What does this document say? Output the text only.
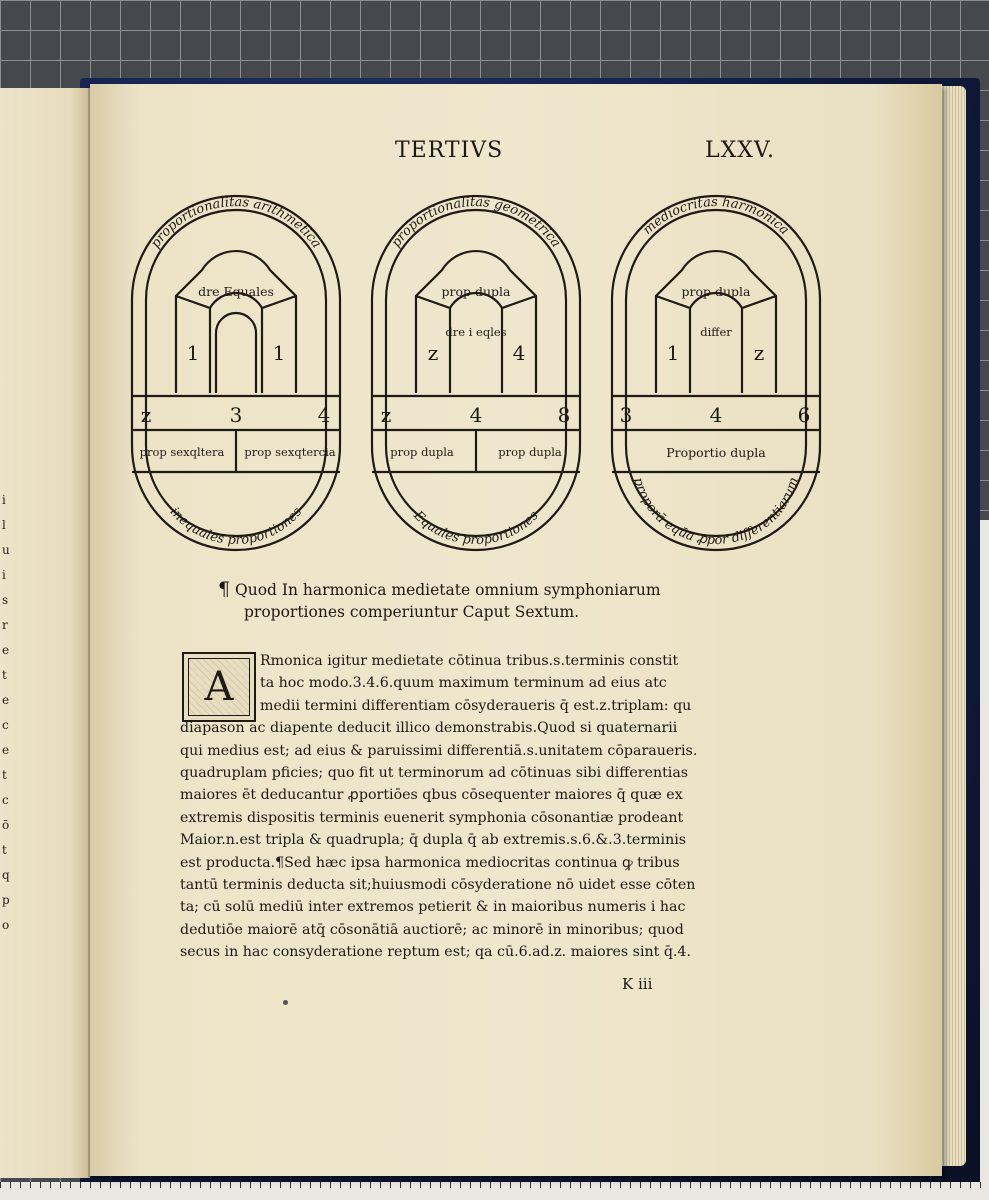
i
l
u
i
s
r
e
t
e
c
e
t
c
ō
t
q
p
o
TERTIVS	LXXV.
proportionalitas arithmetica
inequales proportiones
dre Equales
1	1
z	3	4
prop sexqltera prop sexqtercia
proportionalitas geometrica
Equales proportiones
prop dupla
dre i eqles
z	4
z	4	8
prop dupla	prop dupla
mediocritas harmonica
proporā eqūa ꝓpor differentiarum
prop dupla
differ
1	z
3	4	6
Proportio dupla
¶ Quod In harmonica medietate omnium symphoniarum
proportiones comperiuntur Caput Sextum.
A
Rmonica igitur medietate cōtinua tribus.s.terminis constit
ta hoc modo.3.4.6.quum maximum terminum ad eius atc
medii termini differentiam cōsyderaueris q̄ est.z.triplam: qu
diapason ac diapente deducit illico demonstrabis.Quod si quaternarii
qui medius est; ad eius & paruissimi differentiā.s.unitatem cōparaueris.
quadruplam pficies; quo fit ut terminorum ad cōtinuas sibi differentias
maiores ēt deducantur ꝓportiōes qbus cōsequenter maiores q̄ quæ ex
extremis dispositis terminis euenerit symphonia cōsonantiæ prodeant
Maior.n.est tripla & quadrupla; q̄ dupla q̄ ab extremis.s.6.&.3.terminis
est producta.¶Sed hæc ipsa harmonica mediocritas continua ꝙ tribus
tantū terminis deducta sit;huiusmodi cōsyderatione nō uidet esse cōten
ta; cū solū mediū inter extremos petierit & in maioribus numeris i hac
dedutiōe maiorē atq̄ cōsonātiā auctiorē; ac minorē in minoribus; quod
secus in hac consyderatione reptum est; qa cū.6.ad.z. maiores sint q̄.4.
K iii
